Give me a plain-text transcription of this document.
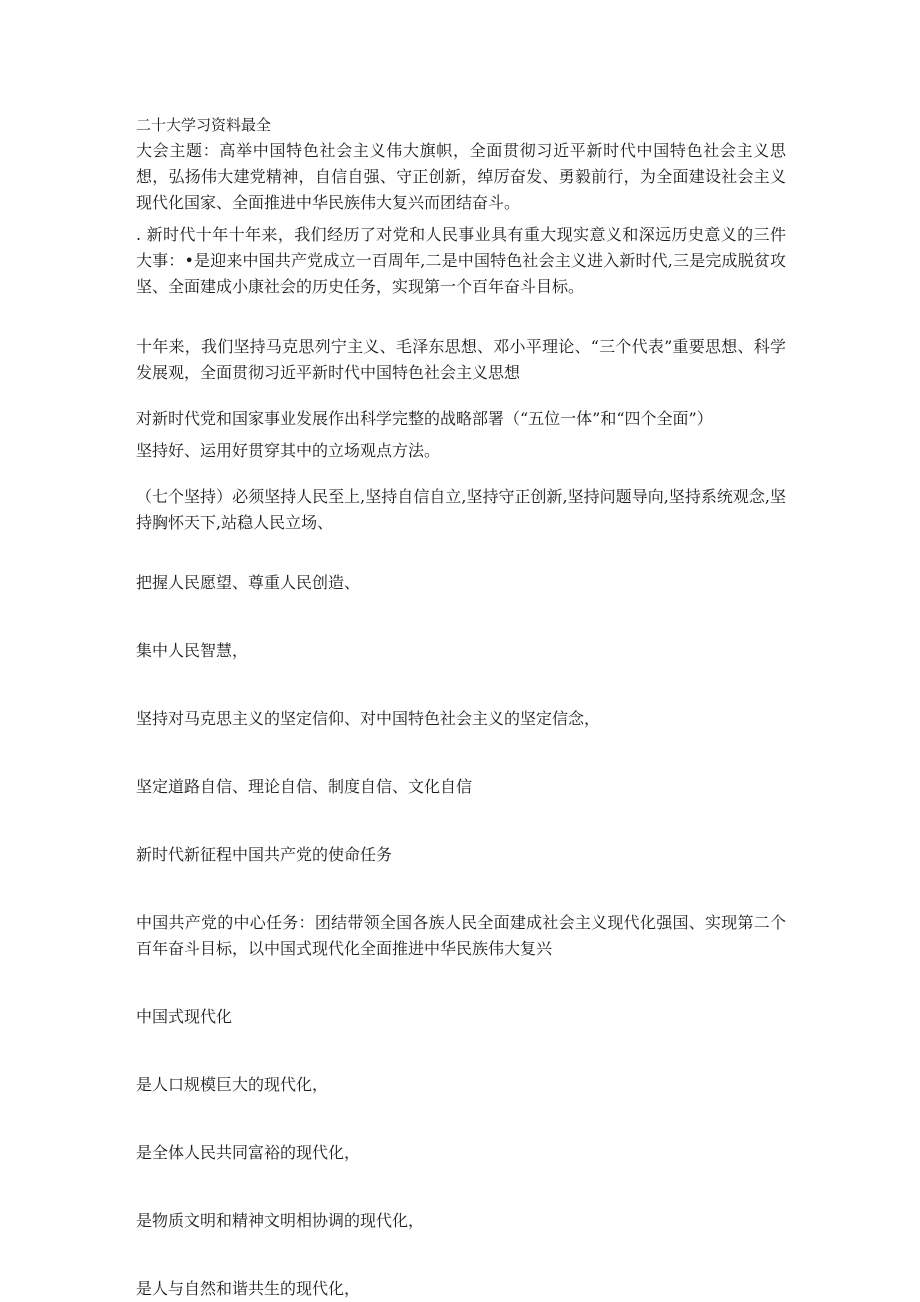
二十大学习资料最全

大会主题：高举中国特色社会主义伟大旗帜，全面贯彻习近平新时代中国特色社会主义思想，弘扬伟大建党精神，自信自强、守正创新，绰厉奋发、勇毅前行，为全面建设社会主义现代化国家、全面推进中华民族伟大复兴而团结奋斗。

. 新时代十年十年来，我们经历了对党和人民事业具有重大现实意义和深远历史意义的三件大事：•是迎来中国共产党成立一百周年,二是中国特色社会主义进入新时代,三是完成脱贫攻坚、全面建成小康社会的历史任务，实现第一个百年奋斗目标。

十年来，我们坚持马克思列宁主义、毛泽东思想、邓小平理论、“三个代表”重要思想、科学发展观，全面贯彻习近平新时代中国特色社会主义思想

对新时代党和国家事业发展作出科学完整的战略部署（“五位一体”和“四个全面”）

坚持好、运用好贯穿其中的立场观点方法。

（七个坚持）必须坚持人民至上,坚持自信自立,坚持守正创新,坚持问题导向,坚持系统观念,坚持胸怀天下,站稳人民立场、

把握人民愿望、尊重人民创造、

集中人民智慧，

坚持对马克思主义的坚定信仰、对中国特色社会主义的坚定信念，

坚定道路自信、理论自信、制度自信、文化自信

新时代新征程中国共产党的使命任务

中国共产党的中心任务：团结带领全国各族人民全面建成社会主义现代化强国、实现第二个百年奋斗目标，以中国式现代化全面推进中华民族伟大复兴

中国式现代化

是人口规模巨大的现代化，

是全体人民共同富裕的现代化，

是物质文明和精神文明相协调的现代化，

是人与自然和谐共生的现代化，
